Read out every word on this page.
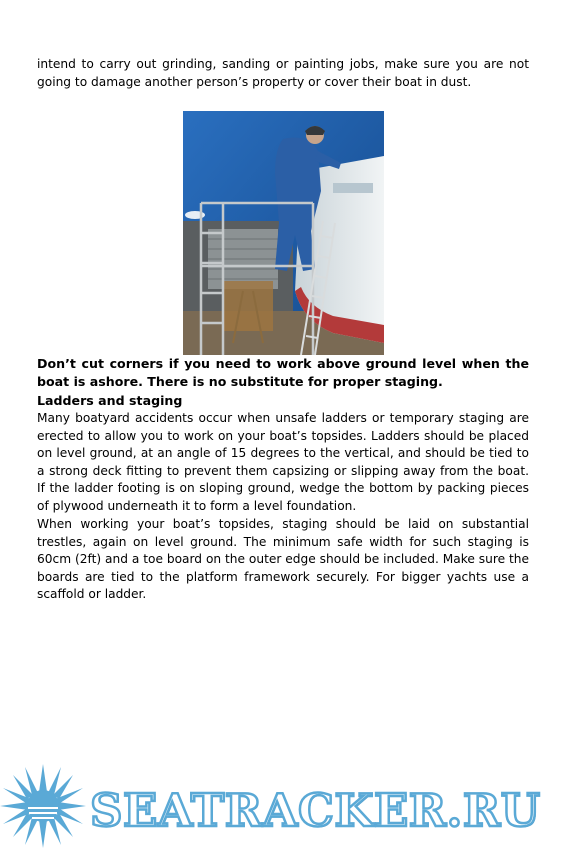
intend to carry out grinding, sanding or painting jobs, make sure you are not going to damage another person’s property or cover their boat in dust.

Don’t cut corners if you need to work above ground level when the boat is ashore. There is no substitute for proper staging.

Ladders and staging

Many boatyard accidents occur when unsafe ladders or temporary staging are erected to allow you to work on your boat’s topsides. Ladders should be placed on level ground, at an angle of 15 degrees to the vertical, and should be tied to a strong deck fitting to prevent them capsizing or slipping away from the boat. If the ladder footing is on sloping ground, wedge the bottom by packing pieces of plywood underneath it to form a level foundation.

When working your boat’s topsides, staging should be laid on substantial trestles, again on level ground. The minimum safe width for such staging is 60cm (2ft) and a toe board on the outer edge should be included. Make sure the boards are tied to the platform framework securely. For bigger yachts use a scaffold or ladder.

SEATRACKER.RU
